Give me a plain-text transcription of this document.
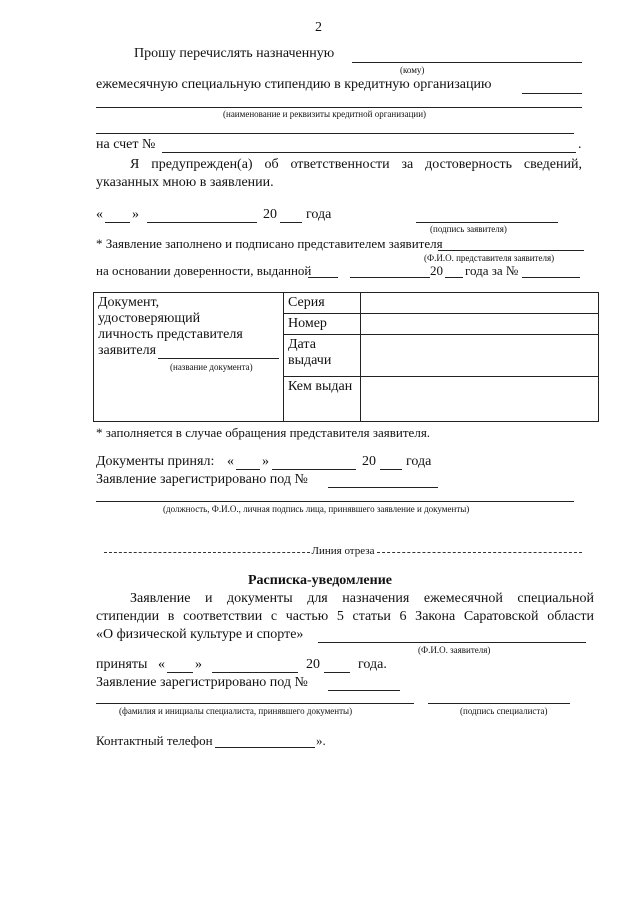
2
Прошу перечислять назначенную
(кому)
ежемесячную специальную стипендию в кредитную организацию
(наименование и реквизиты кредитной организации)
на счет №	.
Я предупрежден(а) об ответственности за достоверность сведений,
указанных мною в заявлении.
« »	20 года
(подпись заявителя)
* Заявление заполнено и подписано представителем заявителя
(Ф.И.О. представителя заявителя)
на основании доверенности, выданной	20 года за №
Документ,
удостоверяющий
личность представителя
заявителя
(название документа)	Серия	
	Номер	

	Дата
выдачи	

	Кем выдан	
* заполняется в случае обращения представителя заявителя.
Документы принял: « »	20 года
Заявление зарегистрировано под №
(должность, Ф.И.О., личная подпись лица, принявшего заявление и документы)
Линия отреза
Расписка-уведомление
Заявление и документы для назначения ежемесячной специальной
стипендии в соответствии с частью 5 статьи 6 Закона Саратовской области
«О физической культуре и спорте»
(Ф.И.О. заявителя)
приняты « »	20	года.
Заявление зарегистрировано под №
(фамилия и инициалы специалиста, принявшего документы)	(подпись специалиста)
Контактный телефон	».
